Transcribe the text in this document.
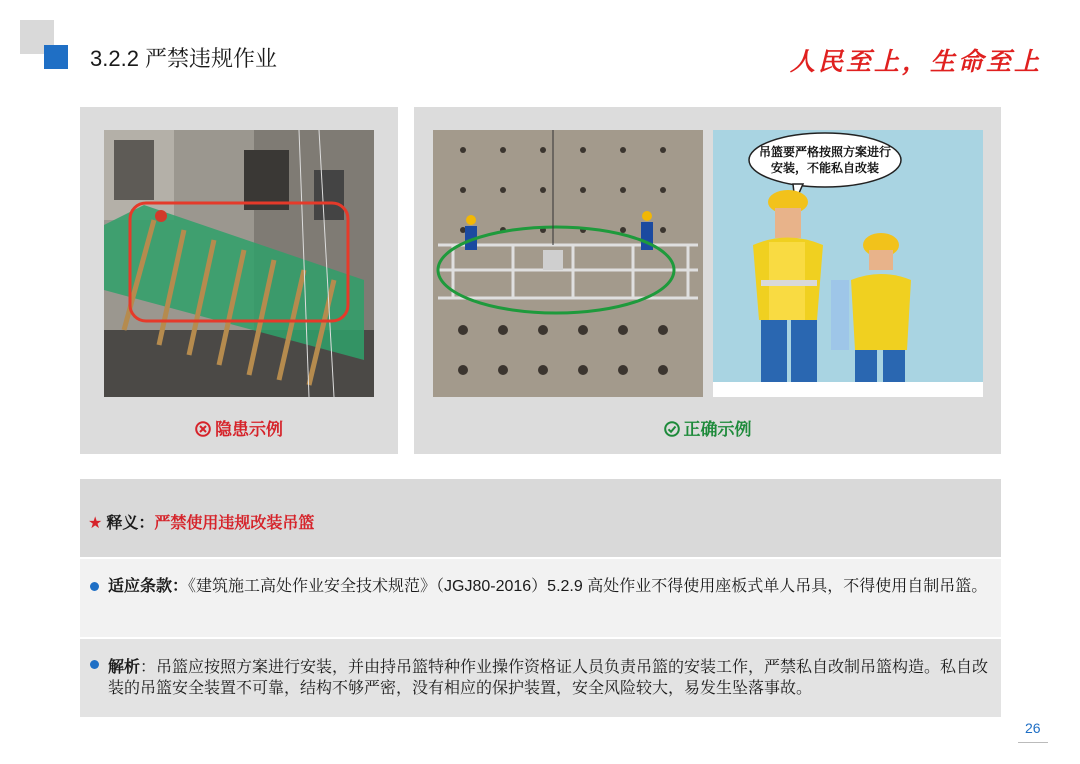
3.2.2 严禁违规作业	人民至上，生命至上
隐患示例
吊篮要严格按照方案进行
安装，不能私自改装
正确示例
★ 释义：严禁使用违规改装吊篮
适应条款：《建筑施工高处作业安全技术规范》（JGJ80-2016）5.2.9 高处作业不得使用座板式单人吊具，不得使用自制吊篮。
解析：吊篮应按照方案进行安装，并由持吊篮特种作业操作资格证人员负责吊篮的安装工作，严禁私自改制吊篮构造。私自改装的吊篮安全装置不可靠，结构不够严密，没有相应的保护装置，安全风险较大，易发生坠落事故。
26
